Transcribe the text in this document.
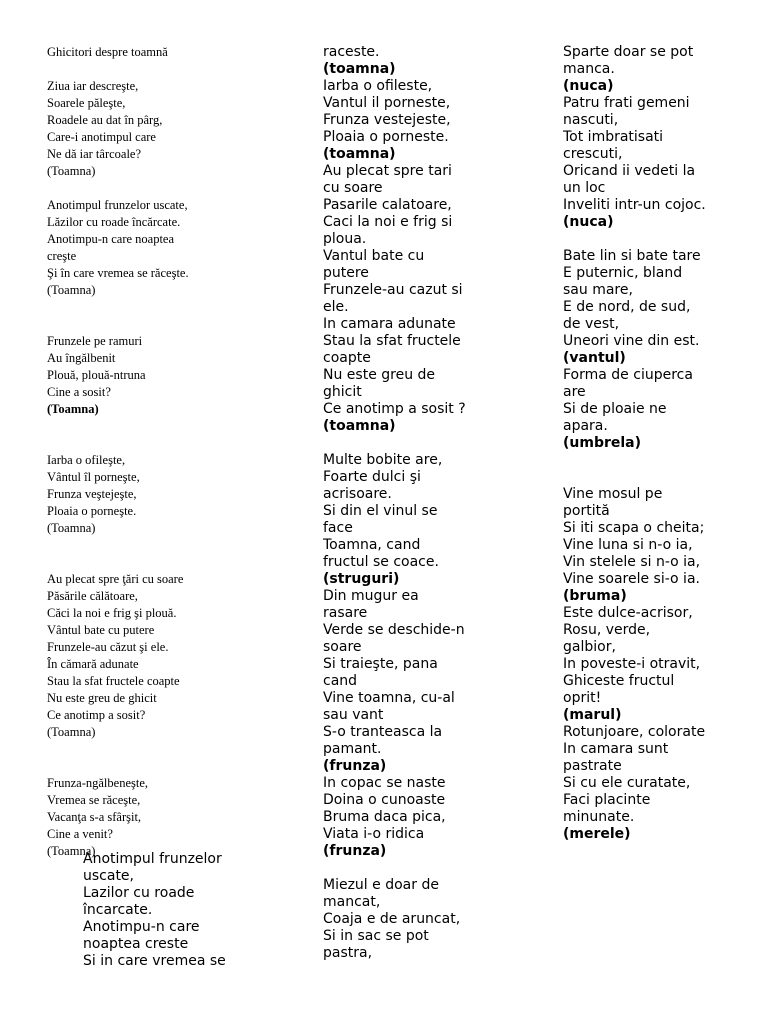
Ghicitori despre toamnă
Ziua iar descreşte,
Soarele păleşte,
Roadele au dat în pârg,
Care-i anotimpul care
Ne dă iar târcoale?
(Toamna)
Anotimpul frunzelor uscate,
Lăzilor cu roade încărcate.
Anotimpu-n care noaptea
creşte
Şi în care vremea se răceşte.
(Toamna)
Frunzele pe ramuri
Au îngălbenit
Plouă, plouă-ntruna
Cine a sosit?
(Toamna)
Iarba o ofileşte,
Vântul îl porneşte,
Frunza veştejeşte,
Ploaia o porneşte.
(Toamna)
Au plecat spre ţări cu soare
Păsările călătoare,
Căci la noi e frig şi plouă.
Vântul bate cu putere
Frunzele-au căzut şi ele.
În cămară adunate
Stau la sfat fructele coapte
Nu este greu de ghicit
Ce anotimp a sosit?
(Toamna)
Frunza-ngălbeneşte,
Vremea se răceşte,
Vacanţa s-a sfârşit,
Cine a venit?
(Toamna)
Anotimpul frunzelor
uscate,
Lazilor cu roade
încarcate.
Anotimpu-n care
noaptea creste
Si in care vremea se
raceste.
(toamna)
Iarba o ofileste,
Vantul il porneste,
Frunza vestejeste,
Ploaia o porneste.
(toamna)
Au plecat spre tari
cu soare
Pasarile calatoare,
Caci la noi e frig si
ploua.
Vantul bate cu
putere
Frunzele-au cazut si
ele.
In camara adunate
Stau la sfat fructele
coapte
Nu este greu de
ghicit
Ce anotimp a sosit ?
(toamna)
Multe bobite are,
Foarte dulci şi
acrisoare.
Si din el vinul se
face
Toamna, cand
fructul se coace.
(struguri)
Din mugur ea
rasare
Verde se deschide-n
soare
Si traieşte, pana
cand
Vine toamna, cu-al
sau vant
S-o tranteasca la
pamant.
(frunza)
In copac se naste
Doina o cunoaste
Bruma daca pica,
Viata i-o ridica
(frunza)
Miezul e doar de
mancat,
Coaja e de aruncat,
Si in sac se pot
pastra,
Sparte doar se pot
manca.
(nuca)
Patru frati gemeni
nascuti,
Tot imbratisati
crescuti,
Oricand ii vedeti la
un loc
Inveliti intr-un cojoc.
(nuca)
Bate lin si bate tare
E puternic, bland
sau mare,
E de nord, de sud,
de vest,
Uneori vine din est.
(vantul)
Forma de ciuperca
are
Si de ploaie ne
apara.
(umbrela)
Vine mosul pe
portită
Si iti scapa o cheita;
Vine luna si n-o ia,
Vin stelele si n-o ia,
Vine soarele si-o ia.
(bruma)
Este dulce-acrisor,
Rosu, verde,
galbior,
In poveste-i otravit,
Ghiceste fructul
oprit!
(marul)
Rotunjoare, colorate
In camara sunt
pastrate
Si cu ele curatate,
Faci placinte
minunate.
(merele)
